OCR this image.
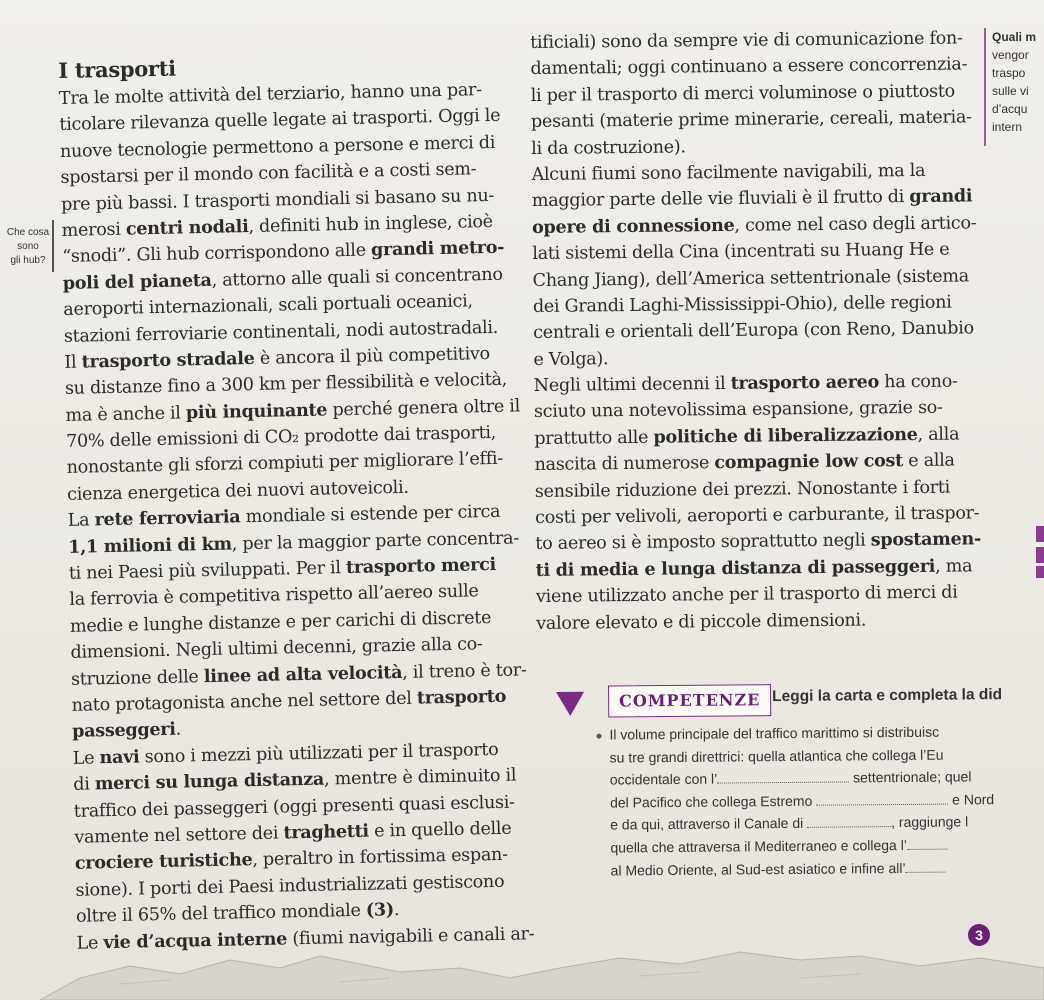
I trasporti
Tra le molte attività del terziario, hanno una par-
ticolare rilevanza quelle legate ai trasporti. Oggi le
nuove tecnologie permettono a persone e merci di
spostarsi per il mondo con facilità e a costi sem-
pre più bassi. I trasporti mondiali si basano su nu-
merosi centri nodali, definiti hub in inglese, cioè
“snodi”. Gli hub corrispondono alle grandi metro-
poli del pianeta, attorno alle quali si concentrano
aeroporti internazionali, scali portuali oceanici,
stazioni ferroviarie continentali, nodi autostradali.
Il trasporto stradale è ancora il più competitivo
su distanze fino a 300 km per flessibilità e velocità,
ma è anche il più inquinante perché genera oltre il
70% delle emissioni di CO₂ prodotte dai trasporti,
nonostante gli sforzi compiuti per migliorare l’effi-
cienza energetica dei nuovi autoveicoli.
La rete ferroviaria mondiale si estende per circa
1,1 milioni di km, per la maggior parte concentra-
ti nei Paesi più sviluppati. Per il trasporto merci
la ferrovia è competitiva rispetto all’aereo sulle
medie e lunghe distanze e per carichi di discrete
dimensioni. Negli ultimi decenni, grazie alla co-
struzione delle linee ad alta velocità, il treno è tor-
nato protagonista anche nel settore del trasporto
passeggeri.
Le navi sono i mezzi più utilizzati per il trasporto
di merci su lunga distanza, mentre è diminuito il
traffico dei passeggeri (oggi presenti quasi esclusi-
vamente nel settore dei traghetti e in quello delle
crociere turistiche, peraltro in fortissima espan-
sione). I porti dei Paesi industrializzati gestiscono
oltre il 65% del traffico mondiale (3).
Le vie d’acqua interne (fiumi navigabili e canali ar-
tificiali) sono da sempre vie di comunicazione fon-
damentali; oggi continuano a essere concorrenzia-
li per il trasporto di merci voluminose o piuttosto
pesanti (materie prime minerarie, cereali, materia-
li da costruzione).
Alcuni fiumi sono facilmente navigabili, ma la
maggior parte delle vie fluviali è il frutto di grandi
opere di connessione, come nel caso degli artico-
lati sistemi della Cina (incentrati su Huang He e
Chang Jiang), dell’America settentrionale (sistema
dei Grandi Laghi-Mississippi-Ohio), delle regioni
centrali e orientali dell’Europa (con Reno, Danubio
e Volga).
Negli ultimi decenni il trasporto aereo ha cono-
sciuto una notevolissima espansione, grazie so-
prattutto alle politiche di liberalizzazione, alla
nascita di numerose compagnie low cost e alla
sensibile riduzione dei prezzi. Nonostante i forti
costi per velivoli, aeroporti e carburante, il traspor-
to aereo si è imposto soprattutto negli spostamen-
ti di media e lunga distanza di passeggeri, ma
viene utilizzato anche per il trasporto di merci di
valore elevato e di piccole dimensioni.
Che cosa
sono
gli hub?
Quali m
vengor
traspo
sulle vi
d’acqu
intern
COMPETENZE Leggi la carta e completa la did
Il volume principale del traffico marittimo si distribuisc
su tre grandi direttrici: quella atlantica che collega l’Eu
occidentale con l’	settentrionale; quel
del Pacifico che collega Estremo	e Nord
e da qui, attraverso il Canale di	, raggiunge l
quella che attraversa il Mediterraneo e collega l’
al Medio Oriente, al Sud-est asiatico e infine all’
3
